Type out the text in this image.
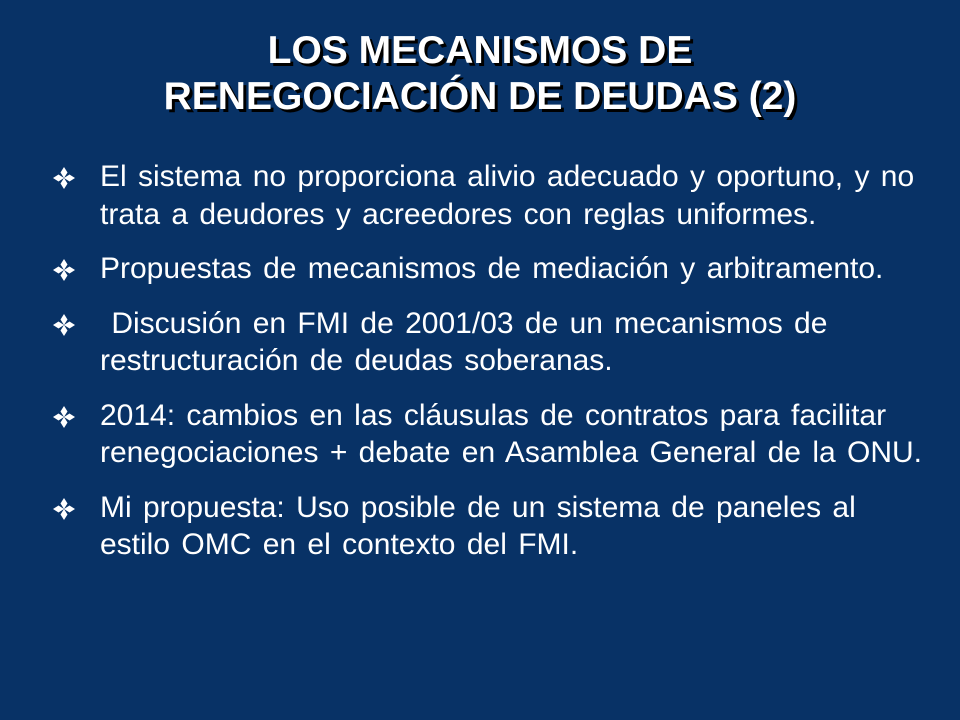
LOS MECANISMOS DE
RENEGOCIACIÓN DE DEUDAS (2)
El sistema no proporciona alivio adecuado y oportuno, y no trata a deudores y acreedores con reglas uniformes.
Propuestas de mecanismos de mediación y arbitramento.
Discusión en FMI de 2001/03 de un mecanismos de restructuración de deudas soberanas.
2014: cambios en las cláusulas de contratos para facilitar renegociaciones + debate en Asamblea General de la ONU.
Mi propuesta: Uso posible de un sistema de paneles al estilo OMC en el contexto del FMI.
